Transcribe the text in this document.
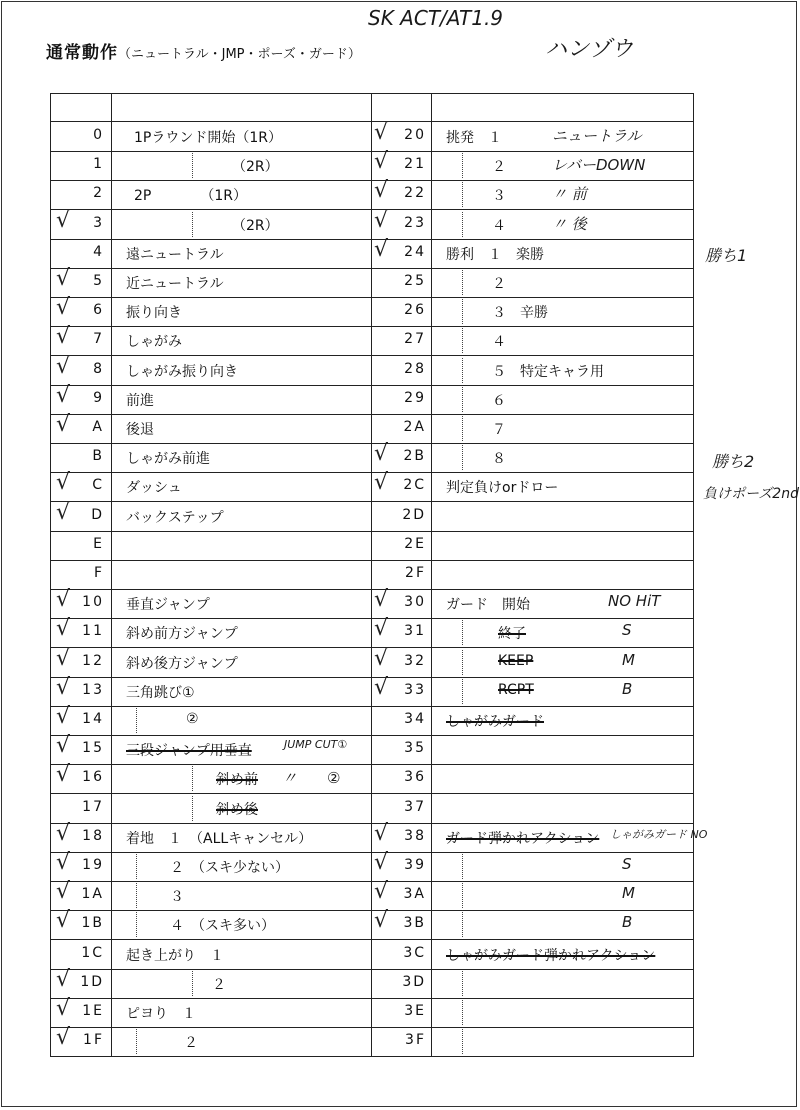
SK ACT/AT1.9
ハンゾウ
通常動作（ニュートラル・JMP・ポーズ・ガード）
勝ち1
勝ち2
負けポーズ2nd
0 1Pラウンド開始（1R）
1	（2R）
2 2P　　　　（1R）
√	3	（2R）
4 遠ニュートラル
√	5 近ニュートラル
√	6 振り向き
√	7 しゃがみ
√	8 しゃがみ振り向き
√	9 前進
√	A 後退
B しゃがみ前進
√	C ダッシュ
√	D バックステップ
E
F
√ 10 垂直ジャンプ
√ 11 斜め前方ジャンプ
√ 12 斜め後方ジャンプ
√ 13 三角跳び①
√ 14	②
√ 15 三段ジャンプ用垂直	JUMP CUT①
√ 16	斜め前 〃　　②
17	斜め後
√ 18 着地　１　（ALLキャンセル）
√ 19	２　（スキ少ない）
√ 1A	３
√ 1B	４　（スキ多い）
1C 起き上がり　１
√ 1D	２
√ 1E ピヨり　１
√ 1F	２
√	20 挑発　１	ニュートラル
√	21	２	レバーDOWN
√	22	３	〃 前
√	23	４	〃 後
√	24 勝利　１　楽勝
25	２
26	３　辛勝
27	４
28	５　特定キャラ用
29	６
2A	７
√	2B	８
√	2C 判定負けorドロー
2D
2E
2F
√	30 ガード　開始	NO HiT
√	31	終了	S
√	32	KEEP	M
√	33	RCPT	B
34 しゃがみガード
35
36
37
√	38 ガード弾かれアクション しゃがみガード NO
√	39	S
√	3A	M
√	3B	B
3C しゃがみガード弾かれアクション
3D
3E
3F
